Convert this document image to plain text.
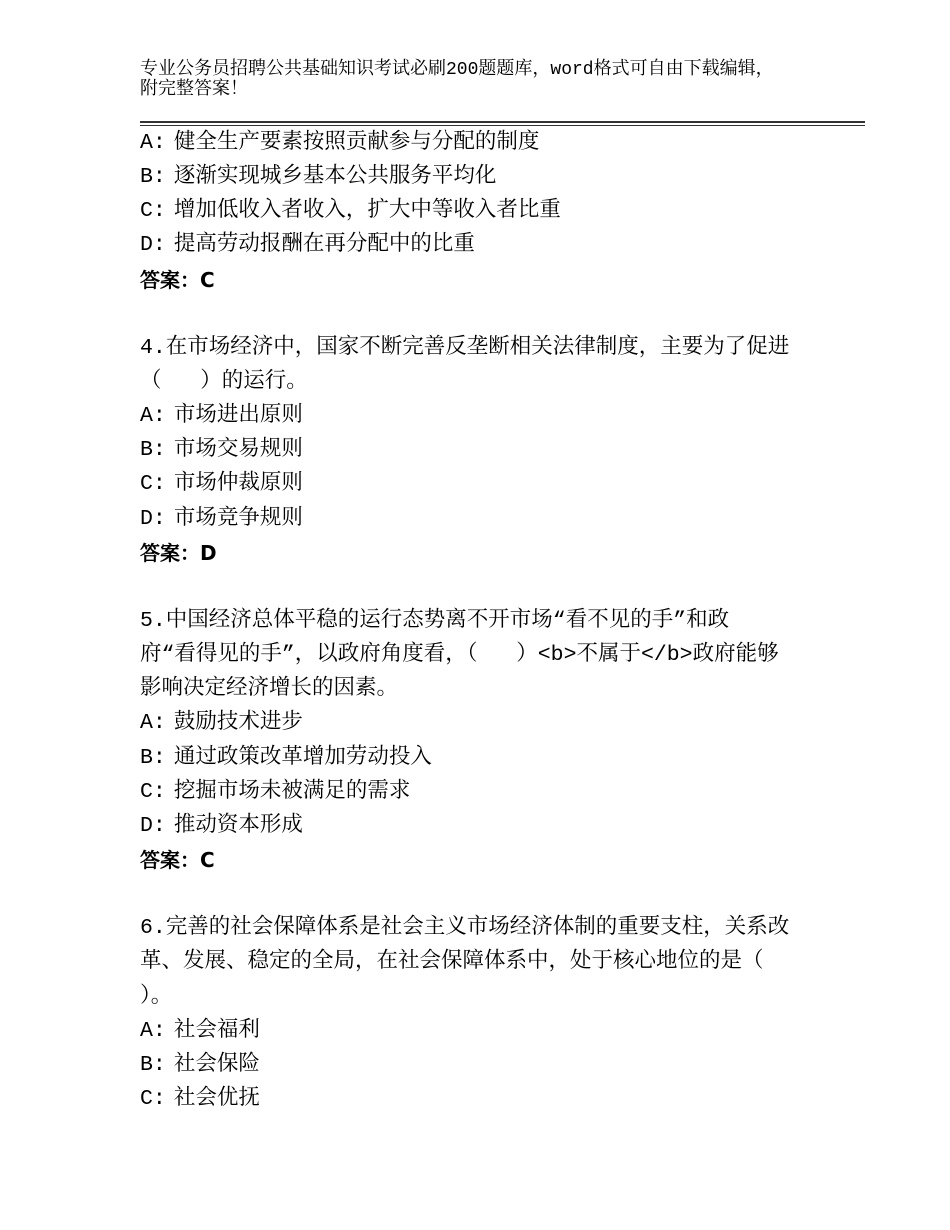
专业公务员招聘公共基础知识考试必刷200题题库，word格式可自由下载编辑，
附完整答案！
A: 健全生产要素按照贡献参与分配的制度
B: 逐渐实现城乡基本公共服务平均化
C: 增加低收入者收入，扩大中等收入者比重
D: 提高劳动报酬在再分配中的比重
答案：C
4.在市场经济中，国家不断完善反垄断相关法律制度，主要为了促进
（   ）的运行。
A: 市场进出原则
B: 市场交易规则
C: 市场仲裁原则
D: 市场竞争规则
答案：D
5.中国经济总体平稳的运行态势离不开市场“看不见的手”和政
府“看得见的手”，以政府角度看，（   ）<b>不属于</b>政府能够
影响决定经济增长的因素。
A: 鼓励技术进步
B: 通过政策改革增加劳动投入
C: 挖掘市场未被满足的需求
D: 推动资本形成
答案：C
6.完善的社会保障体系是社会主义市场经济体制的重要支柱，关系改
革、发展、稳定的全局，在社会保障体系中，处于核心地位的是（
）。
A: 社会福利
B: 社会保险
C: 社会优抚
